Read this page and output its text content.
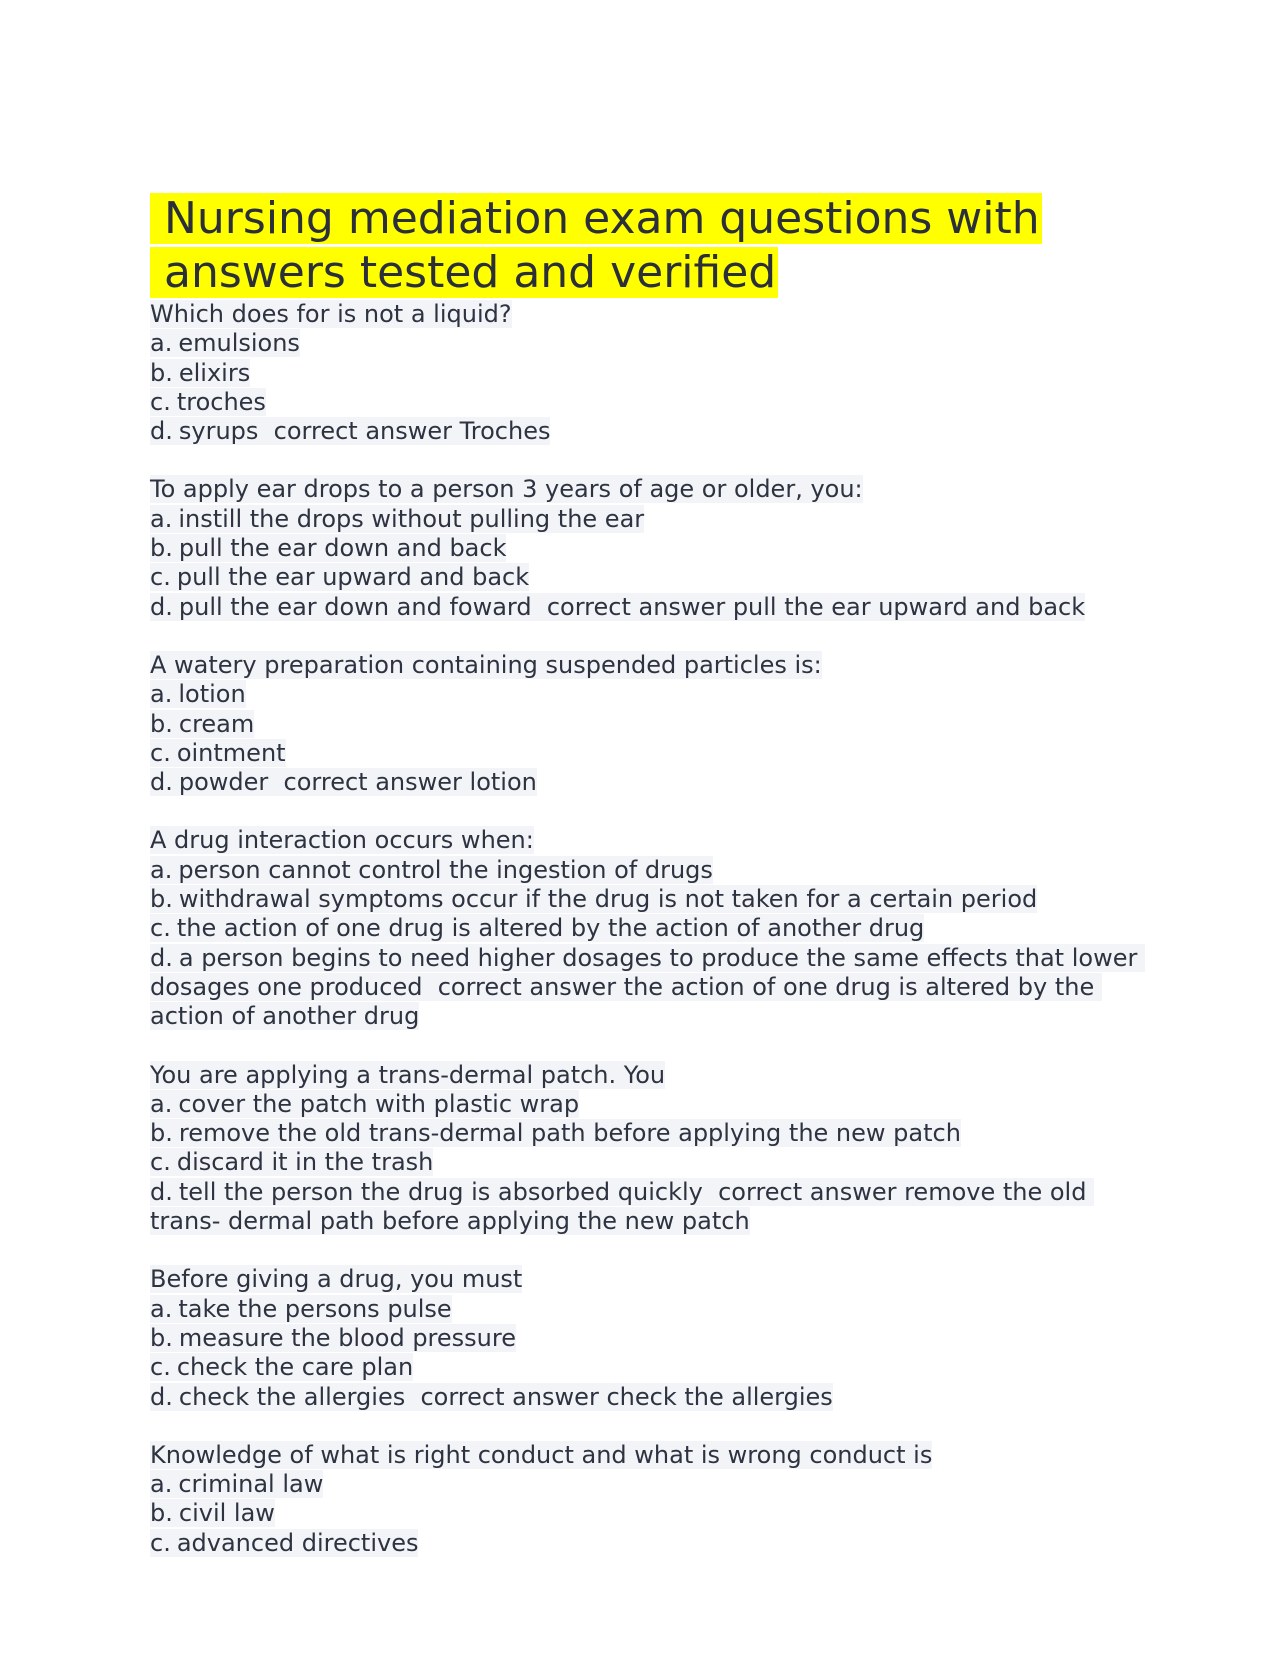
Nursing mediation exam questions with answers tested and verified
Which does for is not a liquid?
a. emulsions
b. elixirs
c. troches
d. syrups  correct answer Troches
To apply ear drops to a person 3 years of age or older, you:
a. instill the drops without pulling the ear
b. pull the ear down and back
c. pull the ear upward and back
d. pull the ear down and foward  correct answer pull the ear upward and back
A watery preparation containing suspended particles is:
a. lotion
b. cream
c. ointment
d. powder  correct answer lotion
A drug interaction occurs when:
a. person cannot control the ingestion of drugs
b. withdrawal symptoms occur if the drug is not taken for a certain period
c. the action of one drug is altered by the action of another drug
d. a person begins to need higher dosages to produce the same effects that lower dosages one produced  correct answer the action of one drug is altered by the action of another drug
You are applying a trans-dermal patch. You
a. cover the patch with plastic wrap
b. remove the old trans-dermal path before applying the new patch
c. discard it in the trash
d. tell the person the drug is absorbed quickly  correct answer remove the old trans- dermal path before applying the new patch
Before giving a drug, you must
a. take the persons pulse
b. measure the blood pressure
c. check the care plan
d. check the allergies  correct answer check the allergies
Knowledge of what is right conduct and what is wrong conduct is
a. criminal law
b. civil law
c. advanced directives
